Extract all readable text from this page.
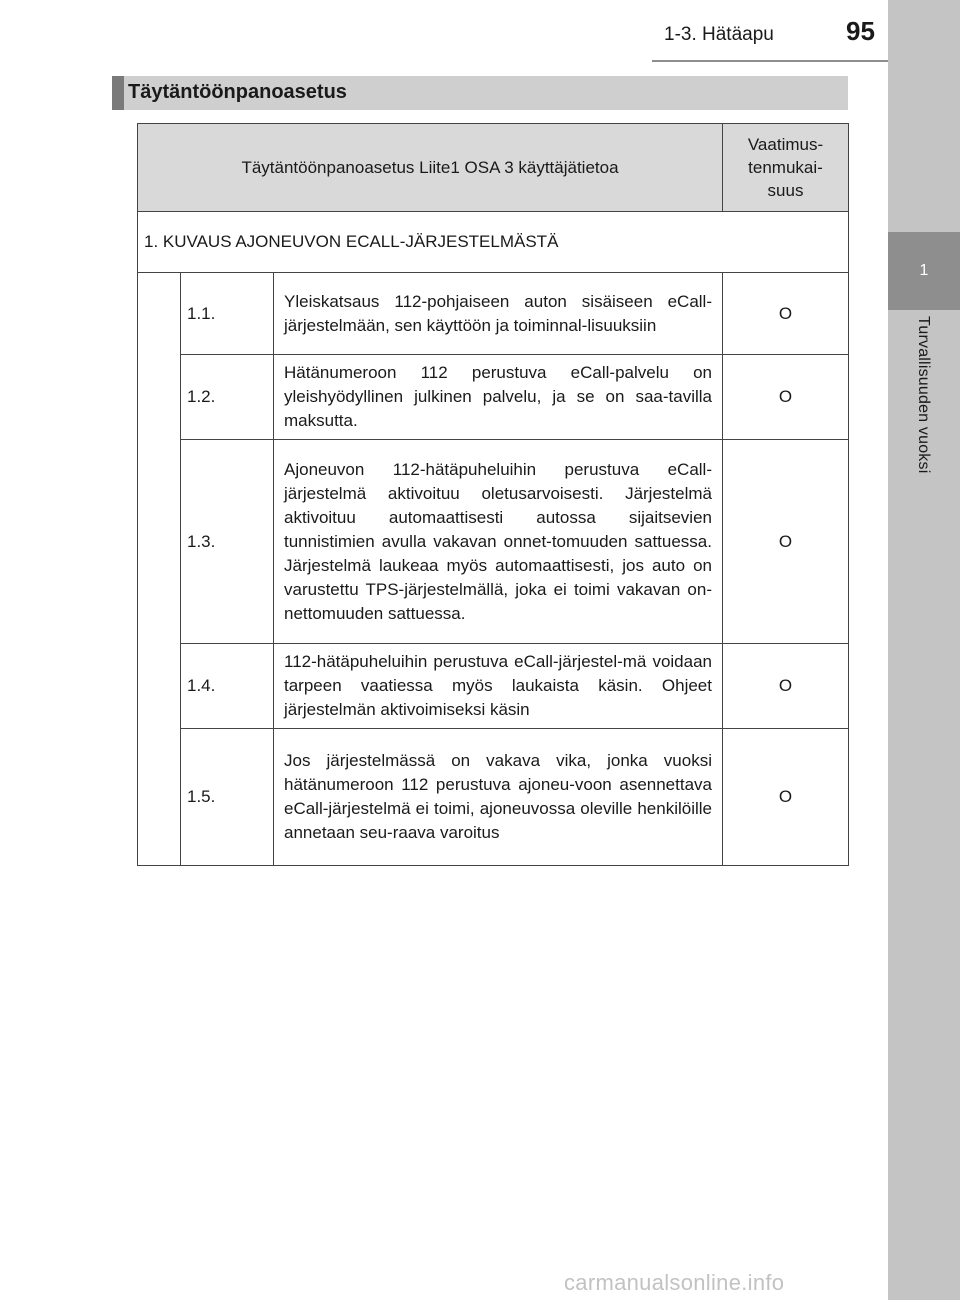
1
Turvallisuuden vuoksi
1-3. Hätäapu	95
Täytäntöönpanoasetus
Täytäntöönpanoasetus Liite1 OSA 3 käyttäjätietoa			Vaatimus-tenmukai-suus
1. KUVAUS AJONEUVON ECALL-JÄRJESTELMÄSTÄ			
	1.1.	Yleiskatsaus 112-pohjaiseen auton sisäiseen eCall-järjestelmään, sen käyttöön ja toiminnal-lisuuksiin	O
	1.2.	Hätänumeroon 112 perustuva eCall-palvelu on yleishyödyllinen julkinen palvelu, ja se on saa-tavilla maksutta.	O
	1.3.	Ajoneuvon 112-hätäpuheluihin perustuva eCall-järjestelmä aktivoituu oletusarvoisesti. Järjestelmä aktivoituu automaattisesti autossa sijaitsevien tunnistimien avulla vakavan onnet-tomuuden sattuessa. Järjestelmä laukeaa myös automaattisesti, jos auto on varustettu TPS-järjestelmällä, joka ei toimi vakavan on-nettomuuden sattuessa.	O
	1.4.	112-hätäpuheluihin perustuva eCall-järjestel-mä voidaan tarpeen vaatiessa myös laukaista käsin. Ohjeet järjestelmän aktivoimiseksi käsin	O
	1.5.	Jos järjestelmässä on vakava vika, jonka vuoksi hätänumeroon 112 perustuva ajoneu-voon asennettava eCall-järjestelmä ei toimi, ajoneuvossa oleville henkilöille annetaan seu-raava varoitus	O
carmanualsonline.info
